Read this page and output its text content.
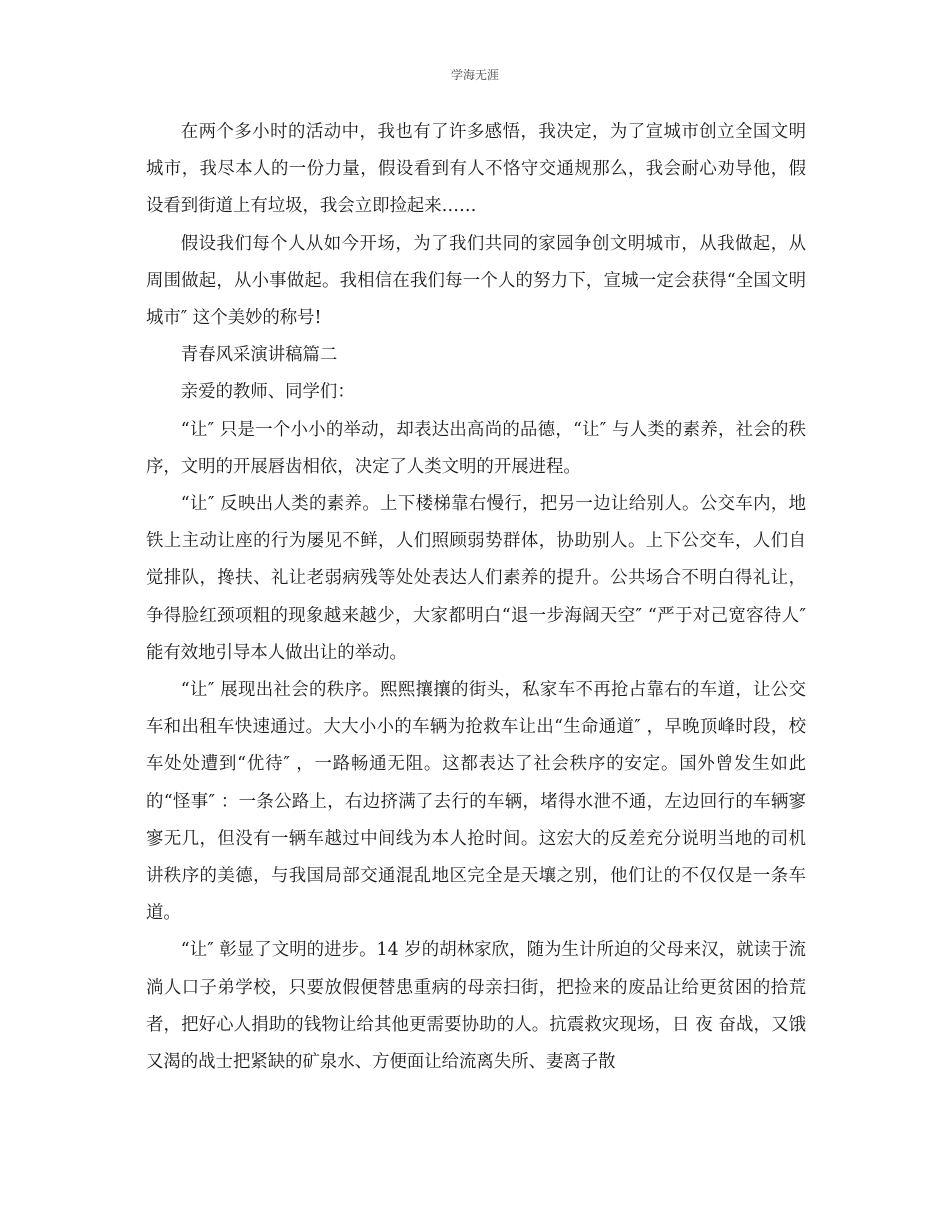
学海无涯

在两个多小时的活动中，我也有了许多感悟，我决定，为了宣城市创立全国文明城市，我尽本人的一份力量，假设看到有人不恪守交通规那么，我会耐心劝导他，假设看到街道上有垃圾，我会立即捡起来……

假设我们每个人从如今开场，为了我们共同的家园争创文明城市，从我做起，从周围做起，从小事做起。我相信在我们每一个人的努力下，宣城一定会获得“全国文明城市″ 这个美妙的称号!

青春风采演讲稿篇二

亲爱的教师、同学们：

“让″ 只是一个小小的举动，却表达出高尚的品德，“让″ 与人类的素养，社会的秩序，文明的开展唇齿相依，决定了人类文明的开展进程。

“让″ 反映出人类的素养。上下楼梯靠右慢行，把另一边让给别人。公交车内，地铁上主动让座的行为屡见不鲜，人们照顾弱势群体，协助别人。上下公交车，人们自觉排队，搀扶、礼让老弱病残等处处表达人们素养的提升。公共场合不明白得礼让，争得脸红颈项粗的现象越来越少，大家都明白“退一步海阔天空″ “严于对己宽容待人″ 能有效地引导本人做出让的举动。

“让″ 展现出社会的秩序。熙熙攘攘的街头，私家车不再抢占靠右的车道，让公交车和出租车快速通过。大大小小的车辆为抢救车让出“生命通道″ ，早晚顶峰时段，校车处处遭到“优待″ ，一路畅通无阻。这都表达了社会秩序的安定。国外曾发生如此的“怪事″ ：一条公路上，右边挤满了去行的车辆，堵得水泄不通，左边回行的车辆寥寥无几，但没有一辆车越过中间线为本人抢时间。这宏大的反差充分说明当地的司机讲秩序的美德，与我国局部交通混乱地区完全是天壤之别，他们让的不仅仅是一条车道。

“让″ 彰显了文明的进步。14 岁的胡林家欣，随为生计所迫的父母来汉，就读于流淌人口子弟学校，只要放假便替患重病的母亲扫街，把捡来的废品让给更贫困的拾荒者，把好心人捐助的钱物让给其他更需要协助的人。抗震救灾现场，日 夜 奋战，又饿又渴的战士把紧缺的矿泉水、方便面让给流离失所、妻离子散
